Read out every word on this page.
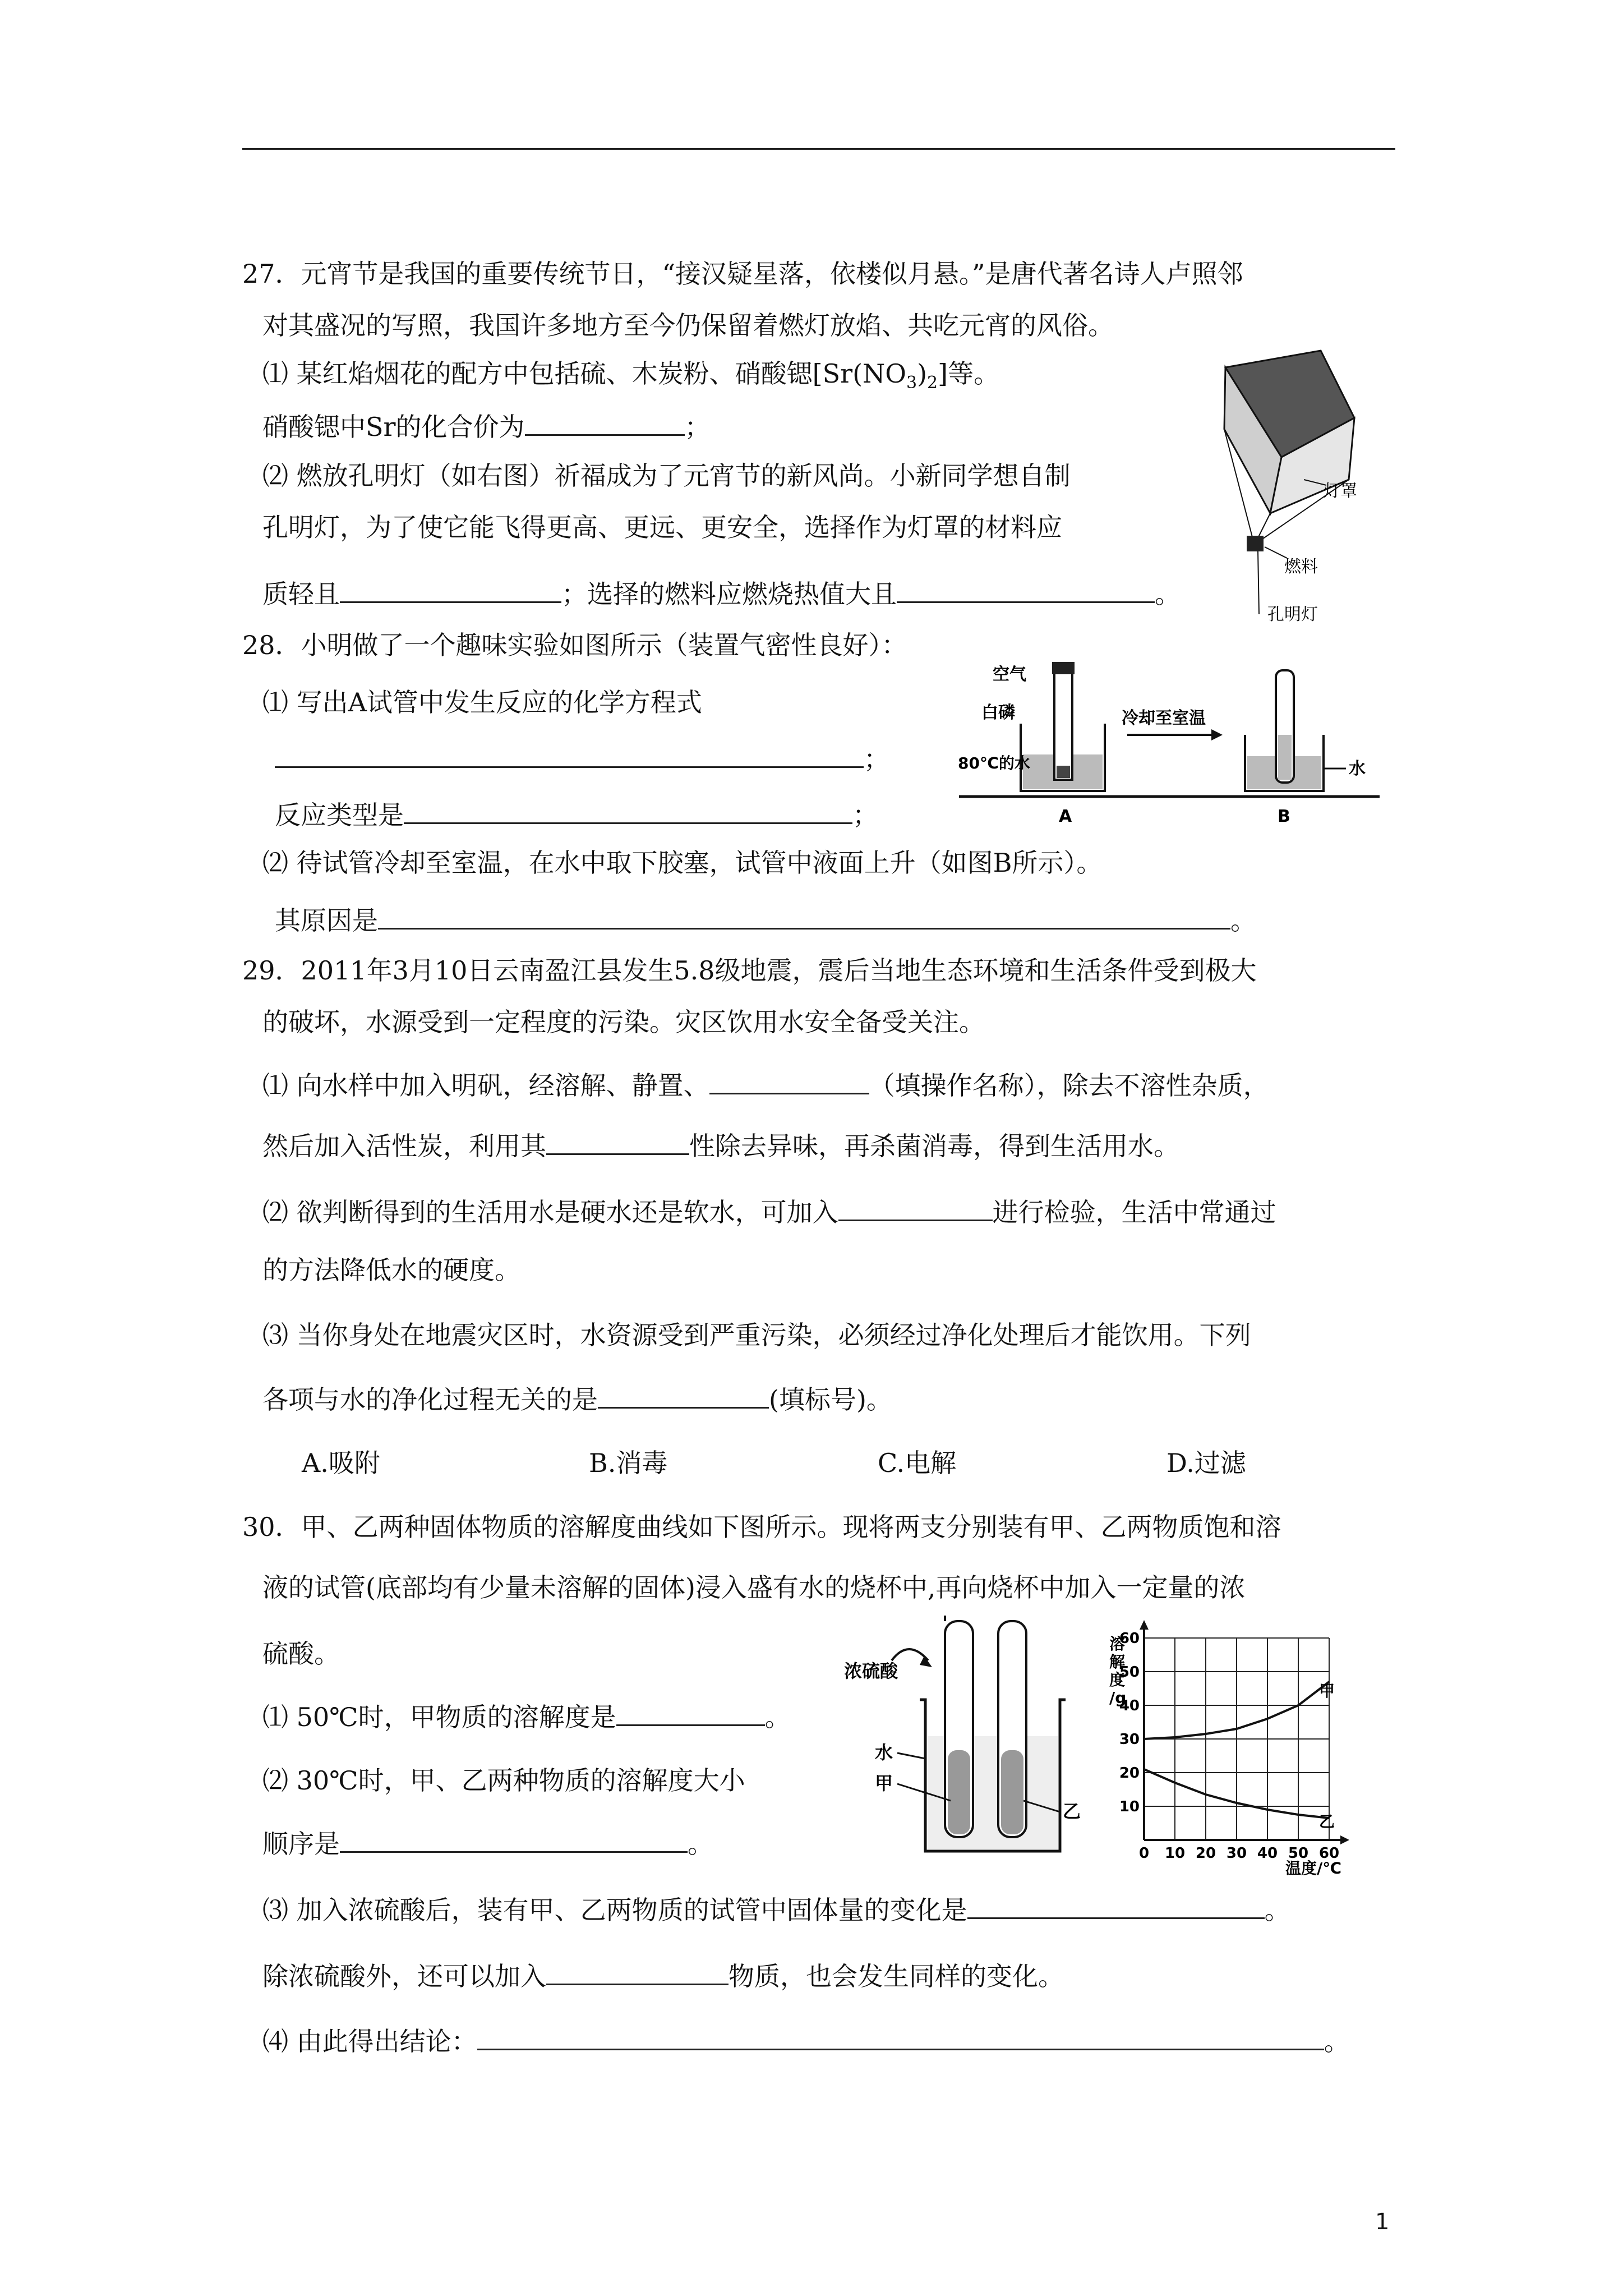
27．元宵节是我国的重要传统节日，“接汉疑星落，依楼似月悬。”是唐代著名诗人卢照邻
对其盛况的写照，我国许多地方至今仍保留着燃灯放焰、共吃元宵的风俗。
⑴ 某红焰烟花的配方中包括硫、木炭粉、硝酸锶$[Sr(NO_3)_2]$等。
硝酸锶中Sr的化合价为	；
⑵ 燃放孔明灯（如右图）祈福成为了元宵节的新风尚。小新同学想自制
孔明灯，为了使它能飞得更高、更远、更安全，选择作为灯罩的材料应
质轻且	；选择的燃料应燃烧热值大且	。
灯罩
燃料
孔明灯
28．小明做了一个趣味实验如图所示（装置气密性良好）：
⑴ 写出A试管中发生反应的化学方程式
；
反应类型是	；
⑵ 待试管冷却至室温，在水中取下胶塞，试管中液面上升（如图B所示）。
其原因是	。
空气
白磷
80℃的水
冷却至室温
水
A	B
29．2011年3月10日云南盈江县发生5.8级地震，震后当地生态环境和生活条件受到极大
的破坏，水源受到一定程度的污染。灾区饮用水安全备受关注。
⑴ 向水样中加入明矾，经溶解、静置、	（填操作名称），除去不溶性杂质，
然后加入活性炭，利用其	性除去异味，再杀菌消毒，得到生活用水。
⑵ 欲判断得到的生活用水是硬水还是软水，可加入	进行检验，生活中常通过
的方法降低水的硬度。
⑶ 当你身处在地震灾区时，水资源受到严重污染，必须经过净化处理后才能饮用。下列
各项与水的净化过程无关的是	(填标号)。
A.吸附	B.消毒	C.电解	D.过滤
30．甲、乙两种固体物质的溶解度曲线如下图所示。现将两支分别装有甲、乙两物质饱和溶
液的试管(底部均有少量未溶解的固体)浸入盛有水的烧杯中,再向烧杯中加入一定量的浓
硫酸。
⑴ 50℃时，甲物质的溶解度是	。
⑵ 30℃时，甲、乙两种物质的溶解度大小
顺序是	。
⑶ 加入浓硫酸后，装有甲、乙两物质的试管中固体量的变化是	。
除浓硫酸外，还可以加入	物质，也会发生同样的变化。
⑷ 由此得出结论：	。
浓硫酸
水
甲
乙
0 10 20 30 40 50 60
10
20
30
40
50
60
甲
乙
溶
解
度
/g
温度/℃
1
